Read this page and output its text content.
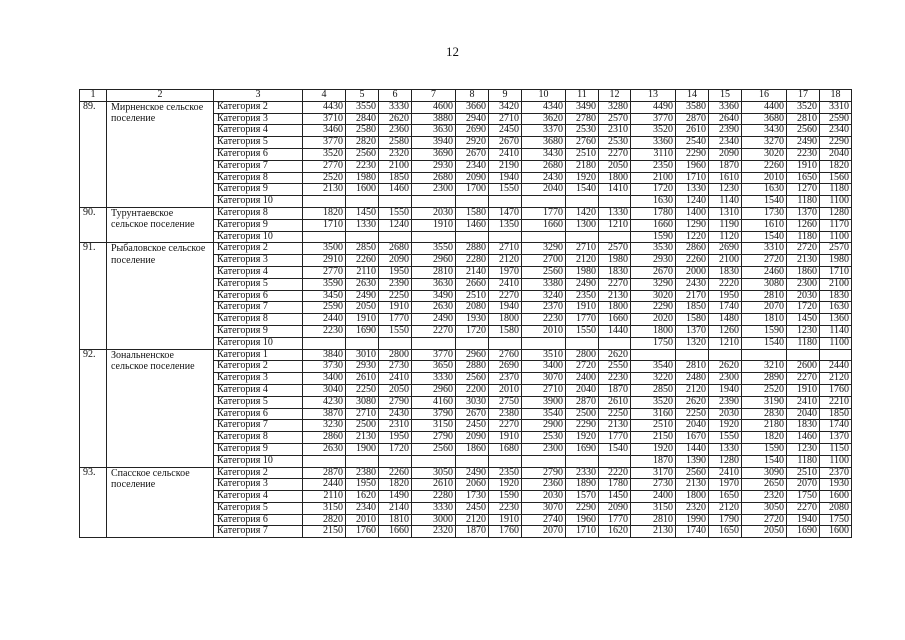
12
1	2	3	4	5	6	7	8	9	10	11	12	13	14	15	16	17	18
89.	Мирненское сельское поселение	Категория 2	4430	3550	3330	4600	3660	3420	4340	3490	3280	4490	3580	3360	4400	3520	3310
		Категория 3	3710	2840	2620	3880	2940	2710	3620	2780	2570	3770	2870	2640	3680	2810	2590
		Категория 4	3460	2580	2360	3630	2690	2450	3370	2530	2310	3520	2610	2390	3430	2560	2340
		Категория 5	3770	2820	2580	3940	2920	2670	3680	2760	2530	3360	2540	2340	3270	2490	2290
		Категория 6	3520	2560	2320	3690	2670	2410	3430	2510	2270	3110	2290	2090	3020	2230	2040
		Категория 7	2770	2230	2100	2930	2340	2190	2680	2180	2050	2350	1960	1870	2260	1910	1820
		Категория 8	2520	1980	1850	2680	2090	1940	2430	1920	1800	2100	1710	1610	2010	1650	1560
		Категория 9	2130	1600	1460	2300	1700	1550	2040	1540	1410	1720	1330	1230	1630	1270	1180
		Категория 10										1630	1240	1140	1540	1180	1100
90.	Турунтаевское сельское поселение	Категория 8	1820	1450	1550	2030	1580	1470	1770	1420	1330	1780	1400	1310	1730	1370	1280
		Категория 9	1710	1330	1240	1910	1460	1350	1660	1300	1210	1660	1290	1190	1610	1260	1170
		Категория 10										1590	1220	1120	1540	1180	1100
91.	Рыбаловское сельское поселение	Категория 2	3500	2850	2680	3550	2880	2710	3290	2710	2570	3530	2860	2690	3310	2720	2570
		Категория 3	2910	2260	2090	2960	2280	2120	2700	2120	1980	2930	2260	2100	2720	2130	1980
		Категория 4	2770	2110	1950	2810	2140	1970	2560	1980	1830	2670	2000	1830	2460	1860	1710
		Категория 5	3590	2630	2390	3630	2660	2410	3380	2490	2270	3290	2430	2220	3080	2300	2100
		Категория 6	3450	2490	2250	3490	2510	2270	3240	2350	2130	3020	2170	1950	2810	2030	1830
		Категория 7	2590	2050	1910	2630	2080	1940	2370	1910	1800	2290	1850	1740	2070	1720	1630
		Категория 8	2440	1910	1770	2490	1930	1800	2230	1770	1660	2020	1580	1480	1810	1450	1360
		Категория 9	2230	1690	1550	2270	1720	1580	2010	1550	1440	1800	1370	1260	1590	1230	1140
		Категория 10										1750	1320	1210	1540	1180	1100
92.	Зональненское сельское поселение	Категория 1	3840	3010	2800	3770	2960	2760	3510	2800	2620						
		Категория 2	3730	2930	2730	3650	2880	2690	3400	2720	2550	3540	2810	2620	3210	2600	2440
		Категория 3	3400	2610	2410	3330	2560	2370	3070	2400	2230	3220	2480	2300	2890	2270	2120
		Категория 4	3040	2250	2050	2960	2200	2010	2710	2040	1870	2850	2120	1940	2520	1910	1760
		Категория 5	4230	3080	2790	4160	3030	2750	3900	2870	2610	3520	2620	2390	3190	2410	2210
		Категория 6	3870	2710	2430	3790	2670	2380	3540	2500	2250	3160	2250	2030	2830	2040	1850
		Категория 7	3230	2500	2310	3150	2450	2270	2900	2290	2130	2510	2040	1920	2180	1830	1740
		Категория 8	2860	2130	1950	2790	2090	1910	2530	1920	1770	2150	1670	1550	1820	1460	1370
		Категория 9	2630	1900	1720	2560	1860	1680	2300	1690	1540	1920	1440	1330	1590	1230	1150
		Категория 10										1870	1390	1280	1540	1180	1100
93.	Спасское сельское поселение	Категория 2	2870	2380	2260	3050	2490	2350	2790	2330	2220	3170	2560	2410	3090	2510	2370
		Категория 3	2440	1950	1820	2610	2060	1920	2360	1890	1780	2730	2130	1970	2650	2070	1930
		Категория 4	2110	1620	1490	2280	1730	1590	2030	1570	1450	2400	1800	1650	2320	1750	1600
		Категория 5	3150	2340	2140	3330	2450	2230	3070	2290	2090	3150	2320	2120	3050	2270	2080
		Категория 6	2820	2010	1810	3000	2120	1910	2740	1960	1770	2810	1990	1790	2720	1940	1750
		Категория 7	2150	1760	1660	2320	1870	1760	2070	1710	1620	2130	1740	1650	2050	1690	1600
